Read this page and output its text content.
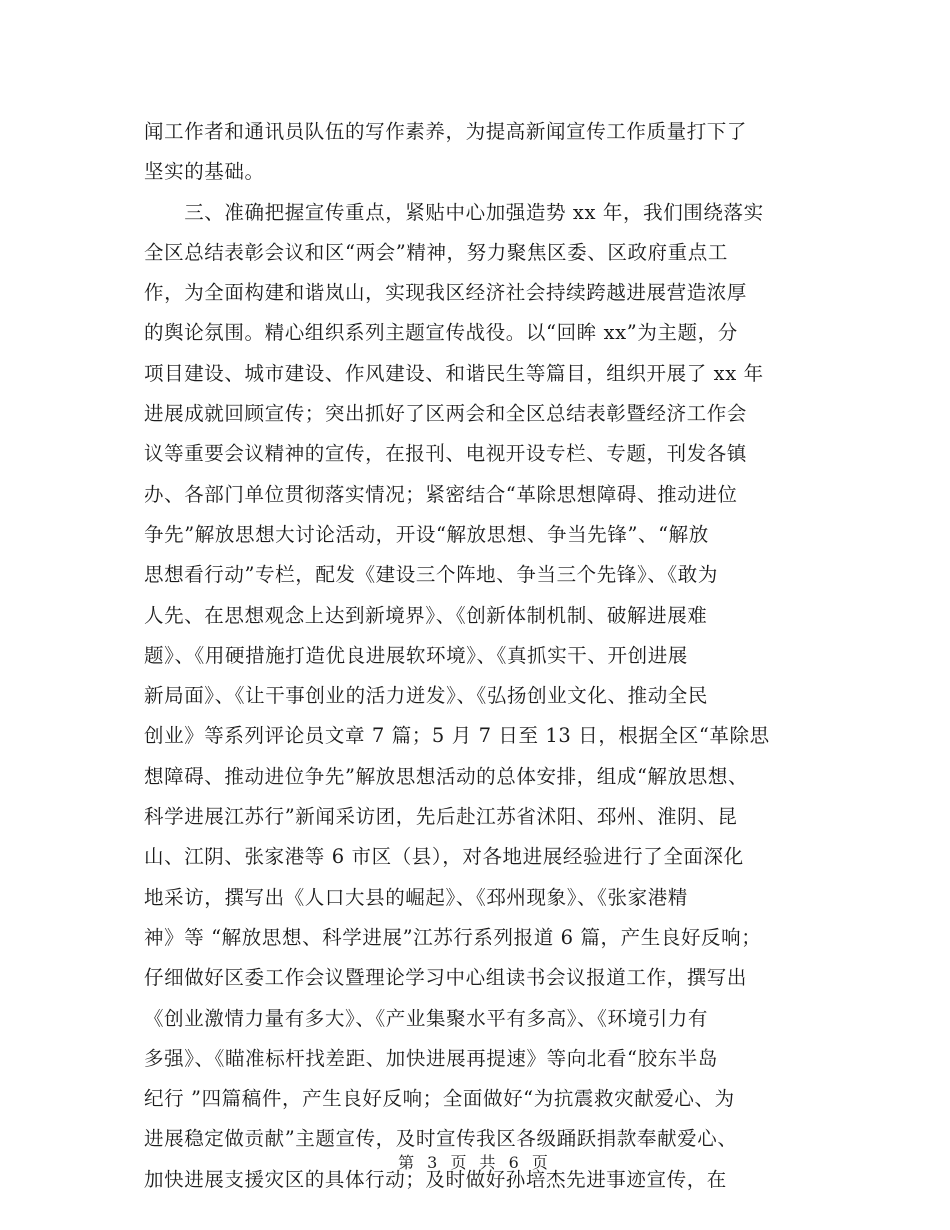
闻工作者和通讯员队伍的写作素养，为提高新闻宣传工作质量打下了
坚实的基础。
　　三、准确把握宣传重点，紧贴中心加强造势 xx 年，我们围绕落实
全区总结表彰会议和区“两会”精神，努力聚焦区委、区政府重点工
作，为全面构建和谐岚山，实现我区经济社会持续跨越进展营造浓厚
的舆论氛围。精心组织系列主题宣传战役。以“回眸 xx”为主题，分
项目建设、城市建设、作风建设、和谐民生等篇目，组织开展了 xx 年
进展成就回顾宣传；突出抓好了区两会和全区总结表彰暨经济工作会
议等重要会议精神的宣传，在报刊、电视开设专栏、专题，刊发各镇
办、各部门单位贯彻落实情况；紧密结合“革除思想障碍、推动进位
争先”解放思想大讨论活动，开设“解放思想、争当先锋”、“解放
思想看行动”专栏，配发《建设三个阵地、争当三个先锋》、《敢为
人先、在思想观念上达到新境界》、《创新体制机制、破解进展难
题》、《用硬措施打造优良进展软环境》、《真抓实干、开创进展
新局面》、《让干事创业的活力迸发》、《弘扬创业文化、推动全民
创业》等系列评论员文章 7 篇；5 月 7 日至 13 日，根据全区“革除思
想障碍、推动进位争先”解放思想活动的总体安排，组成“解放思想、
科学进展江苏行”新闻采访团，先后赴江苏省沭阳、邳州、淮阴、昆
山、江阴、张家港等 6 市区（县），对各地进展经验进行了全面深化
地采访，撰写出《人口大县的崛起》、《邳州现象》、《张家港精
神》等 “解放思想、科学进展”江苏行系列报道 6 篇，产生良好反响；
仔细做好区委工作会议暨理论学习中心组读书会议报道工作，撰写出
《创业激情力量有多大》、《产业集聚水平有多高》、《环境引力有
多强》、《瞄准标杆找差距、加快进展再提速》等向北看“胶东半岛
纪行 ”四篇稿件，产生良好反响；全面做好“为抗震救灾献爱心、为
进展稳定做贡献”主题宣传，及时宣传我区各级踊跃捐款奉献爱心、
加快进展支援灾区的具体行动；及时做好孙培杰先进事迹宣传，在
第 3 页 共 6 页
